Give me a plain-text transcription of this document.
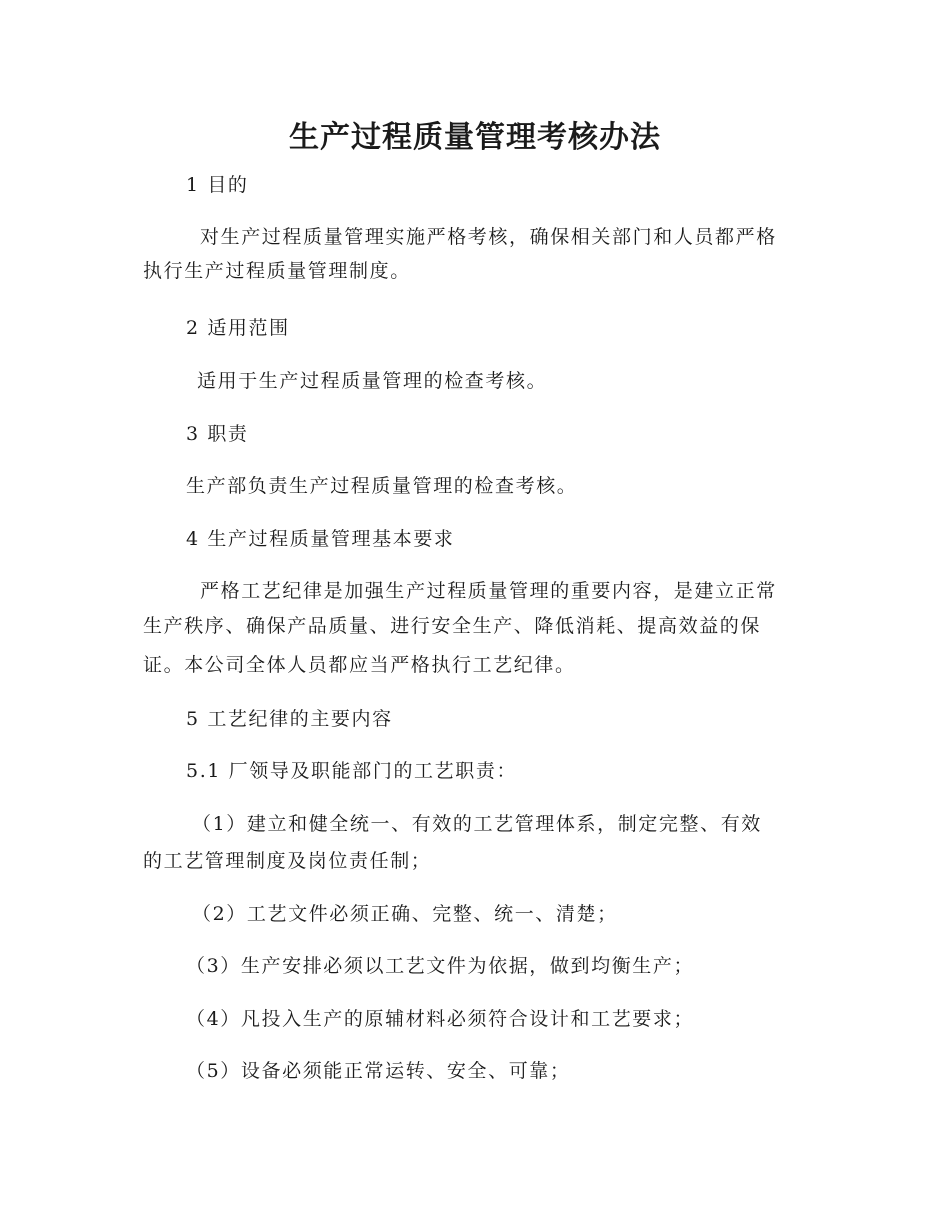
生产过程质量管理考核办法

1 目的

对生产过程质量管理实施严格考核，确保相关部门和人员都严格

执行生产过程质量管理制度。

2 适用范围

适用于生产过程质量管理的检查考核。

3 职责

生产部负责生产过程质量管理的检查考核。

4 生产过程质量管理基本要求

严格工艺纪律是加强生产过程质量管理的重要内容，是建立正常

生产秩序、确保产品质量、进行安全生产、降低消耗、提高效益的保

证。本公司全体人员都应当严格执行工艺纪律。

5 工艺纪律的主要内容

5.1 厂领导及职能部门的工艺职责：

（1）建立和健全统一、有效的工艺管理体系，制定完整、有效

的工艺管理制度及岗位责任制；

（2）工艺文件必须正确、完整、统一、清楚；

（3）生产安排必须以工艺文件为依据，做到均衡生产；

（4）凡投入生产的原辅材料必须符合设计和工艺要求；

（5）设备必须能正常运转、安全、可靠；
